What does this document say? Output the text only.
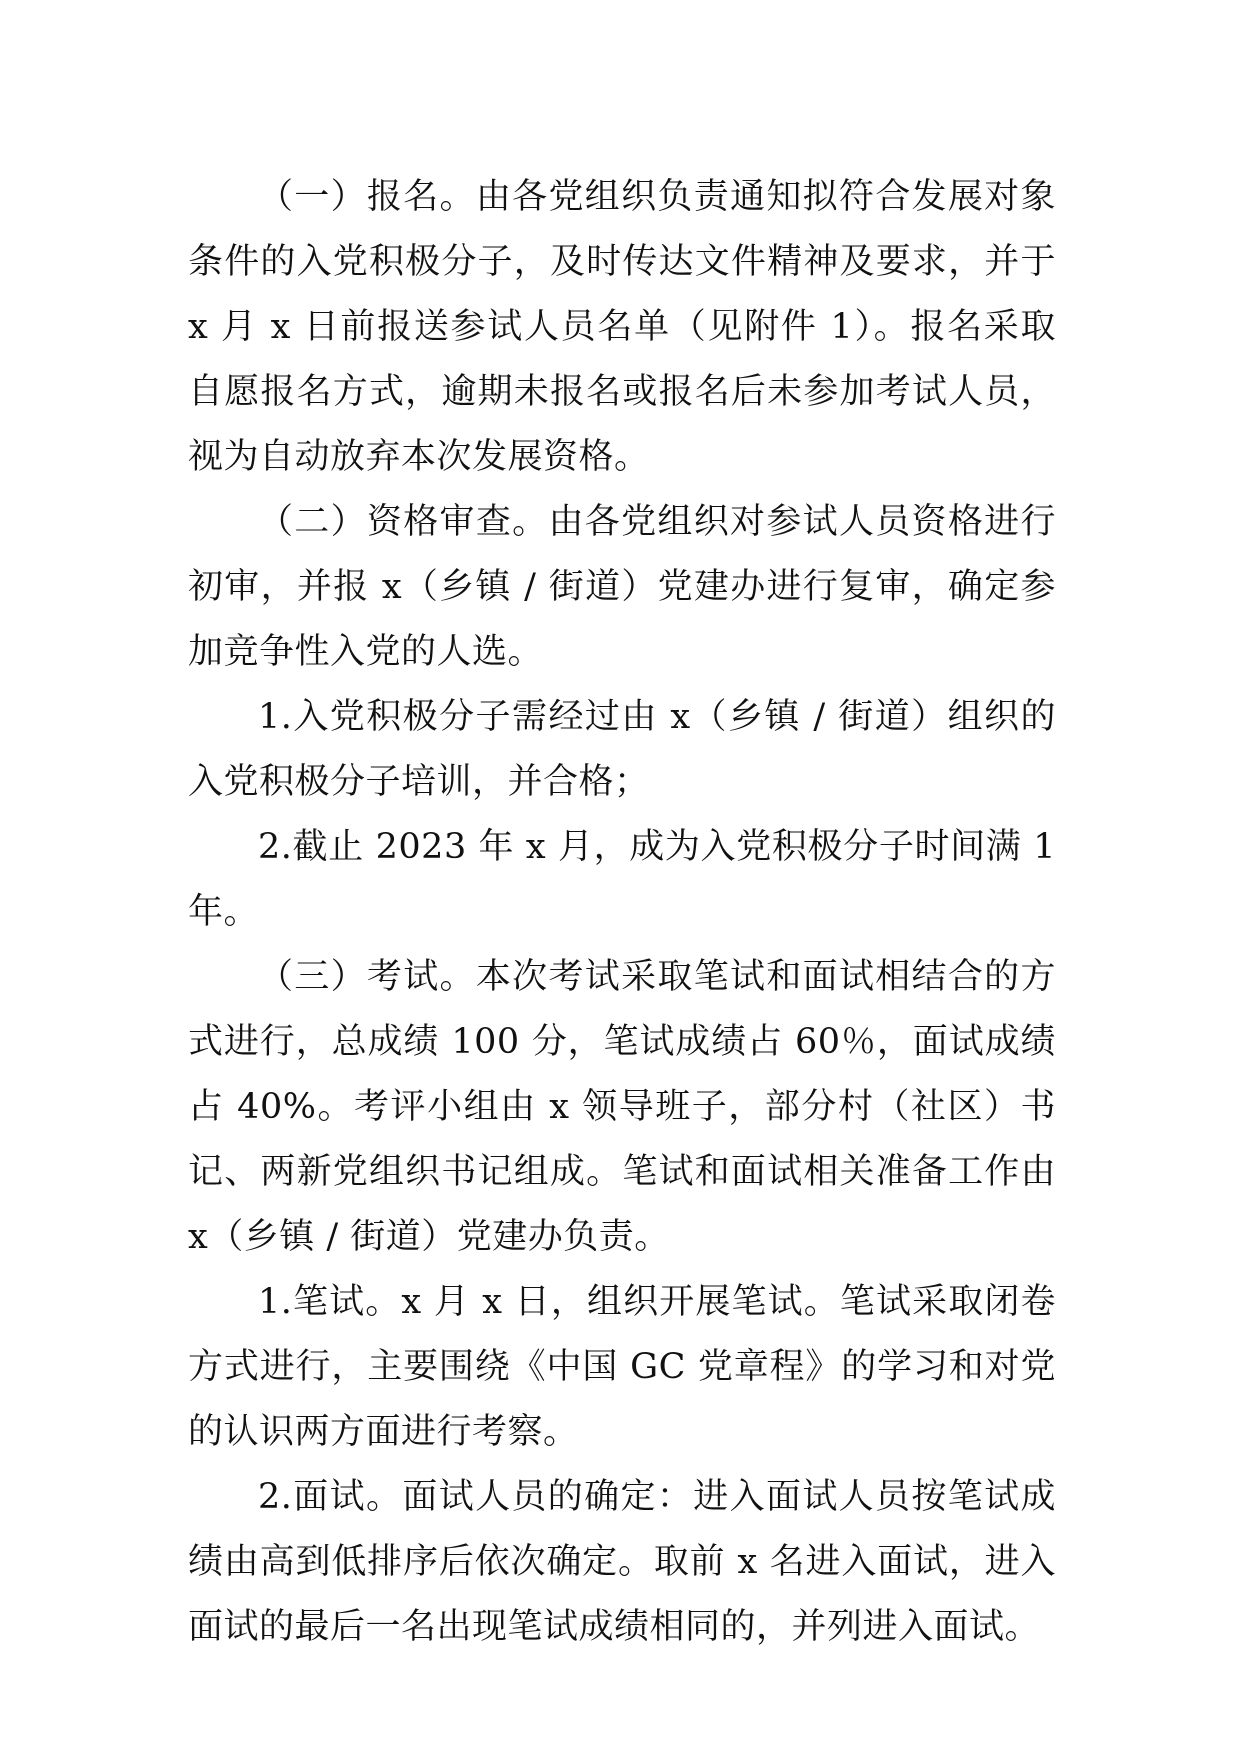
（一）报名。由各党组织负责通知拟符合发展对象条件的入党积极分子，及时传达文件精神及要求，并于 x 月 x 日前报送参试人员名单（见附件 1）。报名采取自愿报名方式，逾期未报名或报名后未参加考试人员，视为自动放弃本次发展资格。

（二）资格审查。由各党组织对参试人员资格进行初审，并报 x（乡镇 / 街道）党建办进行复审，确定参加竞争性入党的人选。

1.入党积极分子需经过由 x（乡镇 / 街道）组织的入党积极分子培训，并合格；

2.截止 2023 年 x 月，成为入党积极分子时间满 1 年。

（三）考试。本次考试采取笔试和面试相结合的方式进行，总成绩 100 分，笔试成绩占 60％，面试成绩占 40%。考评小组由 x 领导班子，部分村（社区）书记、两新党组织书记组成。笔试和面试相关准备工作由 x（乡镇 / 街道）党建办负责。

1.笔试。x 月 x 日，组织开展笔试。笔试采取闭卷方式进行，主要围绕《中国 GC 党章程》的学习和对党的认识两方面进行考察。

2.面试。面试人员的确定：进入面试人员按笔试成绩由高到低排序后依次确定。取前 x 名进入面试，进入面试的最后一名出现笔试成绩相同的，并列进入面试。
